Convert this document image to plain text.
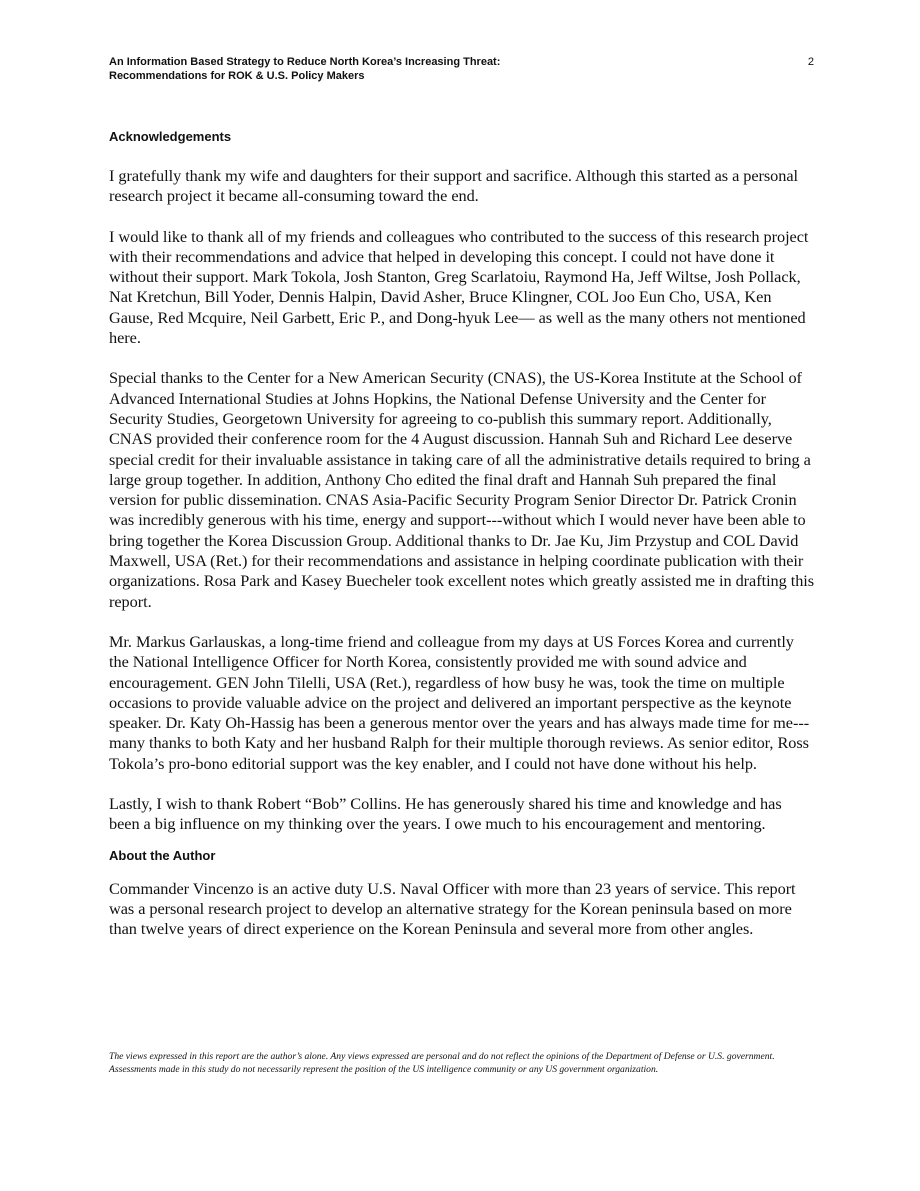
An Information Based Strategy to Reduce North Korea’s Increasing Threat:
Recommendations for ROK & U.S. Policy Makers
2
Acknowledgements

I gratefully thank my wife and daughters for their support and sacrifice. Although this started as a personal research project it became all-consuming toward the end.

I would like to thank all of my friends and colleagues who contributed to the success of this research project with their recommendations and advice that helped in developing this concept. I could not have done it without their support. Mark Tokola, Josh Stanton, Greg Scarlatoiu, Raymond Ha, Jeff Wiltse, Josh Pollack, Nat Kretchun, Bill Yoder, Dennis Halpin, David Asher, Bruce Klingner, COL Joo Eun Cho, USA, Ken Gause, Red Mcquire, Neil Garbett, Eric P., and Dong-hyuk Lee— as well as the many others not mentioned here.

Special thanks to the Center for a New American Security (CNAS), the US-Korea Institute at the School of Advanced International Studies at Johns Hopkins, the National Defense University and the Center for Security Studies, Georgetown University for agreeing to co-publish this summary report. Additionally, CNAS provided their conference room for the 4 August discussion. Hannah Suh and Richard Lee deserve special credit for their invaluable assistance in taking care of all the administrative details required to bring a large group together. In addition, Anthony Cho edited the final draft and Hannah Suh prepared the final version for public dissemination. CNAS Asia-Pacific Security Program Senior Director Dr. Patrick Cronin was incredibly generous with his time, energy and support---without which I would never have been able to bring together the Korea Discussion Group. Additional thanks to Dr. Jae Ku, Jim Przystup and COL David Maxwell, USA (Ret.) for their recommendations and assistance in helping coordinate publication with their organizations. Rosa Park and Kasey Buecheler took excellent notes which greatly assisted me in drafting this report.

Mr. Markus Garlauskas, a long-time friend and colleague from my days at US Forces Korea and currently the National Intelligence Officer for North Korea, consistently provided me with sound advice and encouragement. GEN John Tilelli, USA (Ret.), regardless of how busy he was, took the time on multiple occasions to provide valuable advice on the project and delivered an important perspective as the keynote speaker. Dr. Katy Oh-Hassig has been a generous mentor over the years and has always made time for me---many thanks to both Katy and her husband Ralph for their multiple thorough reviews. As senior editor, Ross Tokola’s pro-bono editorial support was the key enabler, and I could not have done without his help.

Lastly, I wish to thank Robert “Bob” Collins. He has generously shared his time and knowledge and has been a big influence on my thinking over the years. I owe much to his encouragement and mentoring.

About the Author

Commander Vincenzo is an active duty U.S. Naval Officer with more than 23 years of service. This report was a personal research project to develop an alternative strategy for the Korean peninsula based on more than twelve years of direct experience on the Korean Peninsula and several more from other angles.

The views expressed in this report are the author’s alone. Any views expressed are personal and do not reflect the opinions of the Department of Defense or U.S. government. Assessments made in this study do not necessarily represent the position of the US intelligence community or any US government organization.
